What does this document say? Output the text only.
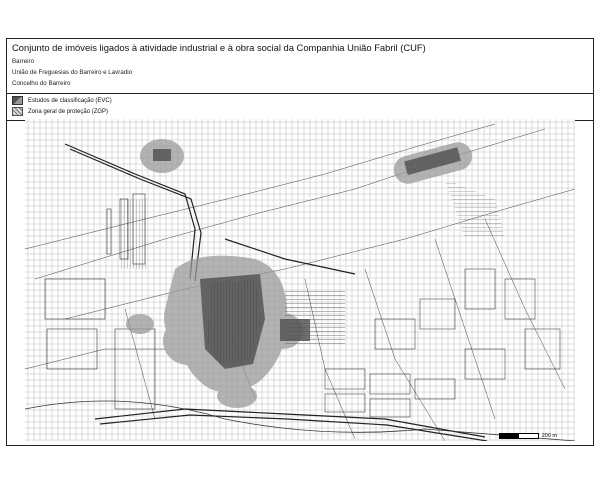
Conjunto de imóveis ligados à atividade industrial e à obra social da Companhia União Fabril (CUF)
Barreiro
União de Freguesias do Barreiro e Lavradio
Concelho do Barreiro
Estudos de classificação (EVC)
Zona geral de proteção (ZGP)
200 m
